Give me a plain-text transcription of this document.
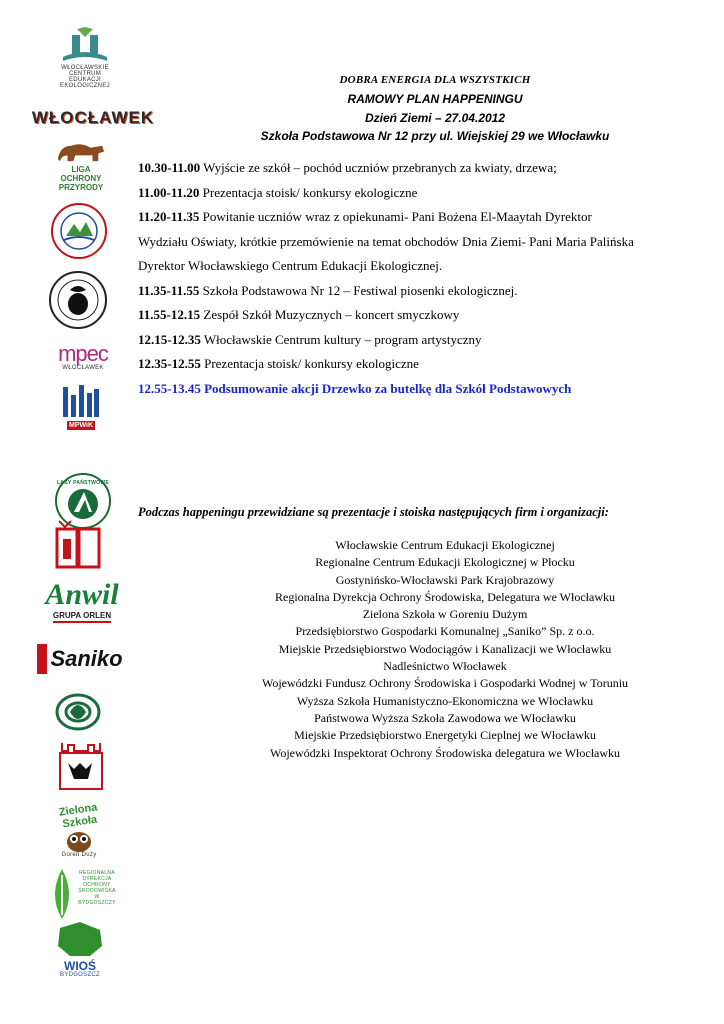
WŁOCŁAWSKIE CENTRUM EDUKACJI EKOLOGICZNEJ
WŁOCŁAWEK
LIGA OCHRONY PRZYRODY
mpec
WŁOCŁAWEK
MPWiK
LASY PAŃSTWOWE
Anwil
GRUPA ORLEN
Saniko
Zielona Szkoła
Goreń Duży
REGIONALNA DYREKCJA OCHRONY ŚRODOWISKA W BYDGOSZCZY
WIOŚ
BYDGOSZCZ
DOBRA ENERGIA DLA WSZYSTKICH
RAMOWY PLAN HAPPENINGU
Dzień Ziemi – 27.04.2012
Szkoła Podstawowa Nr 12 przy ul. Wiejskiej 29 we Włocławku
10.30-11.00 Wyjście ze szkół – pochód uczniów przebranych za kwiaty, drzewa;
11.00-11.20 Prezentacja stoisk/ konkursy ekologiczne
11.20-11.35 Powitanie uczniów wraz z opiekunami- Pani Bożena El-Maaytah Dyrektor
Wydziału Oświaty, krótkie przemówienie na temat obchodów Dnia Ziemi- Pani Maria Palińska
Dyrektor Włocławskiego Centrum Edukacji Ekologicznej.
11.35-11.55 Szkoła Podstawowa Nr 12 – Festiwal piosenki ekologicznej.
11.55-12.15 Zespół Szkół Muzycznych – koncert smyczkowy
12.15-12.35 Włocławskie Centrum kultury – program artystyczny
12.35-12.55 Prezentacja stoisk/ konkursy ekologiczne
12.55-13.45 Podsumowanie akcji Drzewko za butelkę dla Szkół Podstawowych
Podczas happeningu przewidziane są prezentacje i stoiska następujących firm i organizacji:
Włocławskie Centrum Edukacji Ekologicznej
Regionalne Centrum Edukacji Ekologicznej w Płocku
Gostynińsko-Włocławski Park Krajobrazowy
Regionalna Dyrekcja Ochrony Środowiska, Delegatura we Włocławku
Zielona Szkoła w Goreniu Dużym
Przedsiębiorstwo Gospodarki Komunalnej „Saniko” Sp. z o.o.
Miejskie Przedsiębiorstwo Wodociągów i Kanalizacji we Włocławku
Nadleśnictwo Włocławek
Wojewódzki Fundusz Ochrony Środowiska i Gospodarki Wodnej w Toruniu
Wyższa Szkoła Humanistyczno-Ekonomiczna we Włocławku
Państwowa Wyższa Szkoła Zawodowa we Włocławku
Miejskie Przedsiębiorstwo Energetyki Cieplnej we Włocławku
Wojewódzki Inspektorat Ochrony Środowiska delegatura we Włocławku
